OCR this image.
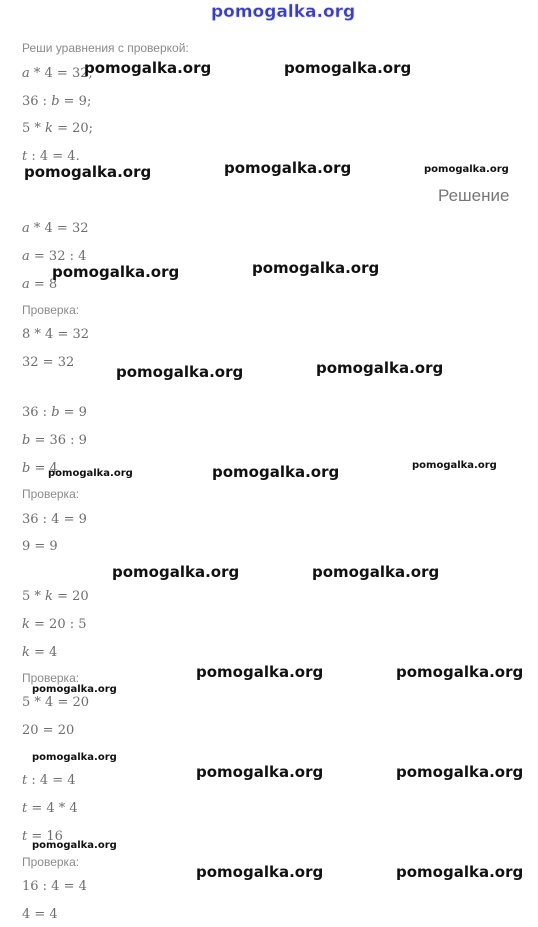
pomogalka.org
Реши уравнения с проверкой:
a * 4 = 32;
36 : b = 9;
5 * k = 20;
t : 4 = 4.
Решение
a * 4 = 32
a = 32 : 4
a = 8
Проверка:
8 * 4 = 32
32 = 32
36 : b = 9
b = 36 : 9
b = 4
Проверка:
36 : 4 = 9
9 = 9
5 * k = 20
k = 20 : 5
k = 4
Проверка:
5 * 4 = 20
20 = 20
t : 4 = 4
t = 4 * 4
t = 16
Проверка:
16 : 4 = 4
4 = 4
pomogalka.org	pomogalka.org
pomogalka.org	pomogalka.org	pomogalka.org
pomogalka.org	pomogalka.org
pomogalka.org	pomogalka.org
pomogalka.org	pomogalka.org	pomogalka.org
pomogalka.org	pomogalka.org
pomogalka.org	pomogalka.org
pomogalka.org
pomogalka.org
pomogalka.org	pomogalka.org
pomogalka.org
pomogalka.org	pomogalka.org
